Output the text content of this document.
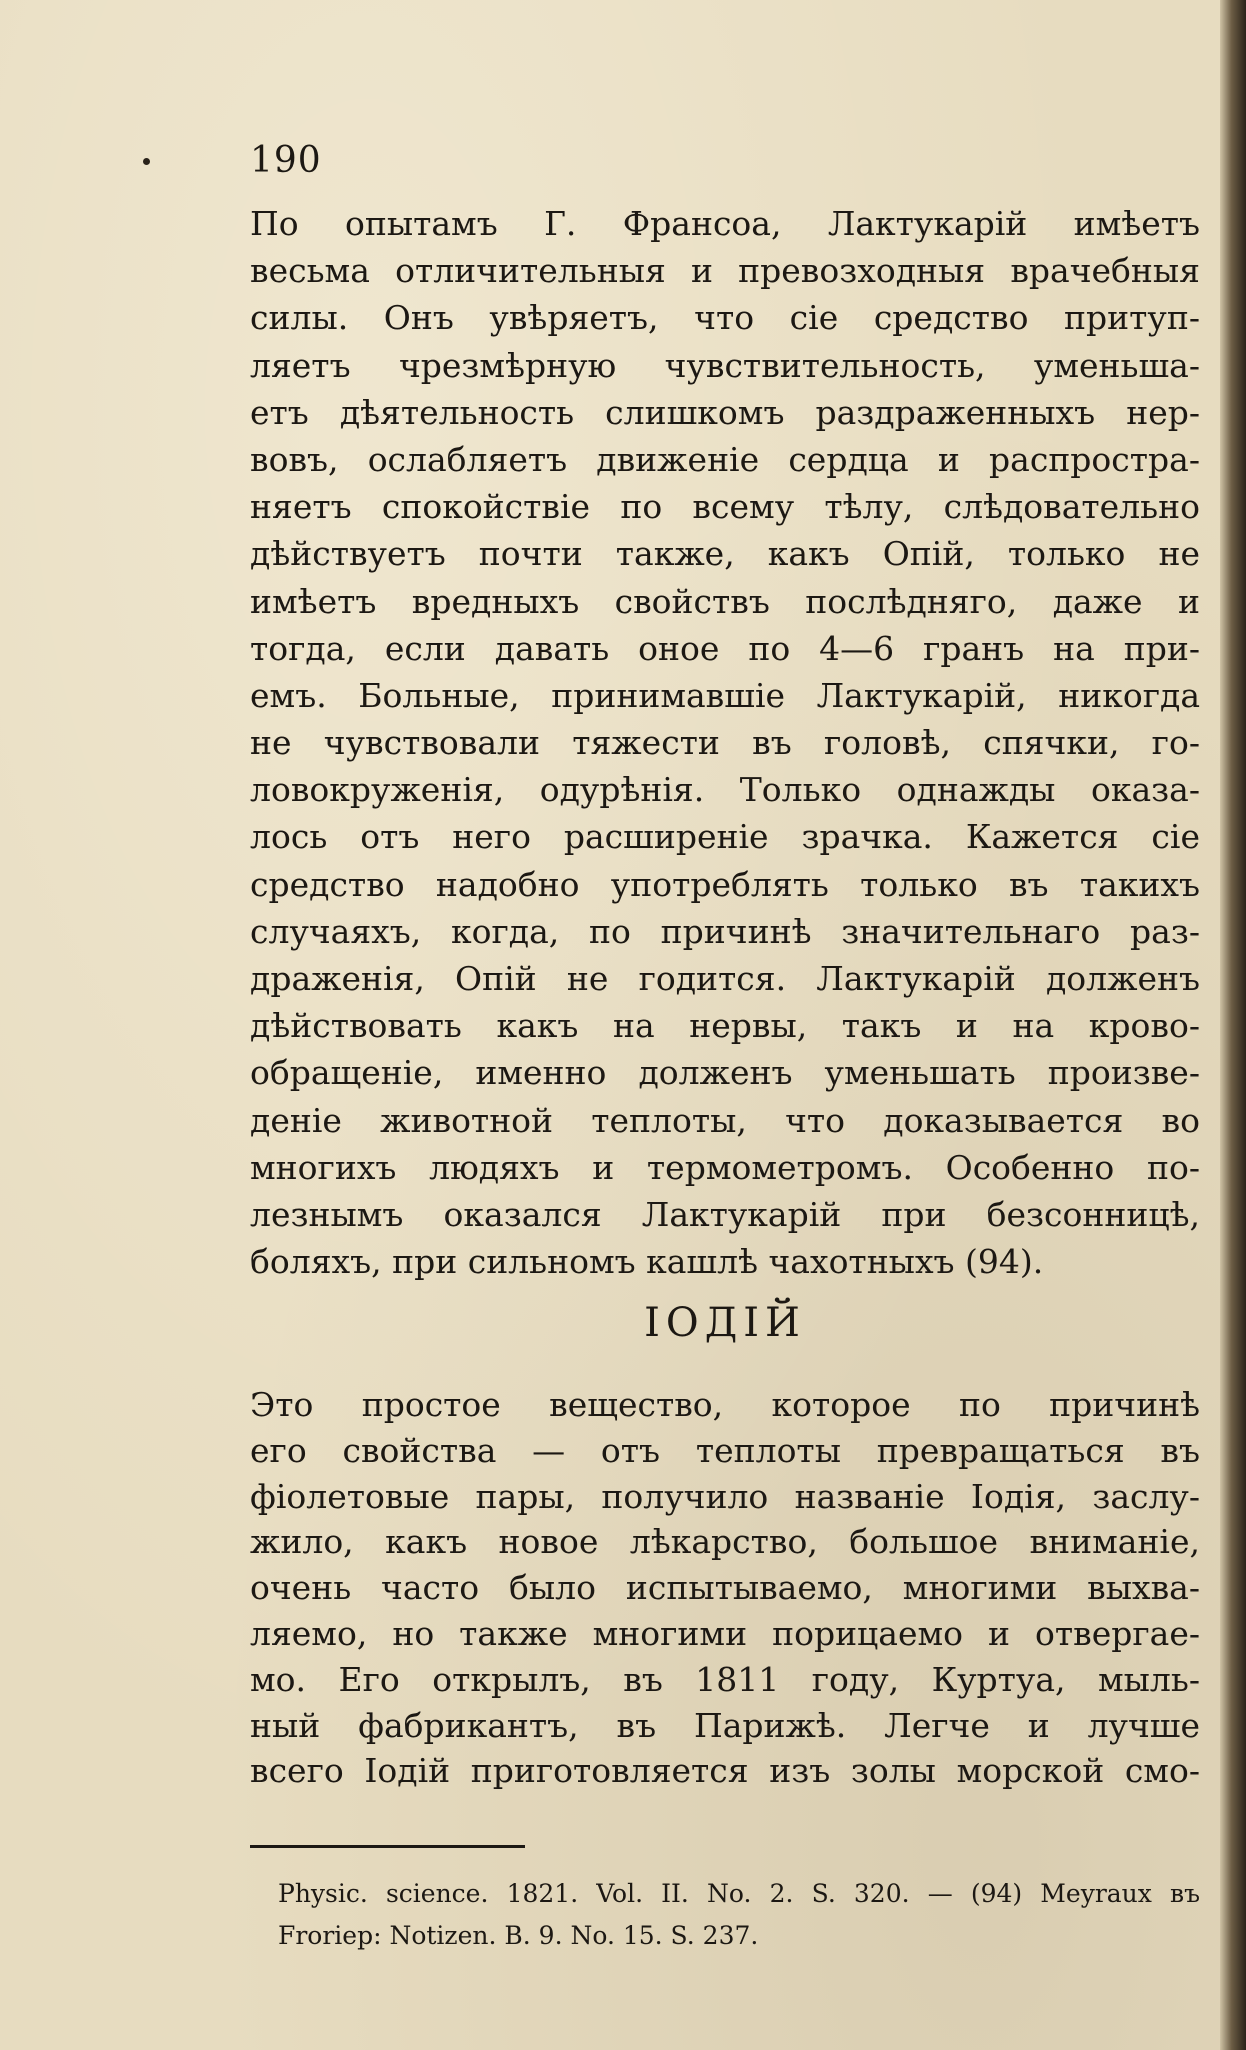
190
По опытамъ Г. Франсоа, Лактукарій имѣетъ
весьма отличительныя и превозходныя врачебныя
силы. Онъ увѣряетъ, что сіе средство притуп-
ляетъ чрезмѣрную чувствительность, уменьша-
етъ дѣятельность слишкомъ раздраженныхъ нер-
вовъ, ослабляетъ движеніе сердца и распростра-
няетъ спокойствіе по всему тѣлу, слѣдовательно
дѣйствуетъ почти также, какъ Опій, только не
имѣетъ вредныхъ свойствъ послѣдняго, даже и
тогда, если давать оное по 4—6 гранъ на при-
емъ. Больные, принимавшіе Лактукарій, никогда
не чувствовали тяжести въ головѣ, спячки, го-
ловокруженія, одурѣнія. Только однажды оказа-
лось отъ него расширеніе зрачка. Кажется сіе
средство надобно употреблять только въ такихъ
случаяхъ, когда, по причинѣ значительнаго раз-
драженія, Опій не годится. Лактукарій долженъ
дѣйствовать какъ на нервы, такъ и на крово-
обращеніе, именно долженъ уменьшать произве-
деніе животной теплоты, что доказывается во
многихъ людяхъ и термометромъ. Особенно по-
лезнымъ оказался Лактукарій при безсонницѣ,
боляхъ, при сильномъ кашлѣ чахотныхъ (94).
ІОДІЙ
Это простое вещество, которое по причинѣ
его свойства — отъ теплоты превращаться въ
фіолетовые пары, получило названіе Іодія, заслу-
жило, какъ новое лѣкарство, большое вниманіе,
очень часто было испытываемо, многими выхва-
ляемо, но также многими порицаемо и отвергае-
мо. Его открылъ, въ 1811 году, Куртуа, мыль-
ный фабрикантъ, въ Парижѣ. Легче и лучше
всего Іодій приготовляется изъ золы морской смо-
Physic. science. 1821. Vol. II. No. 2. S. 320. — (94) Meyraux въ
Froriep: Notizen. B. 9. No. 15. S. 237.
